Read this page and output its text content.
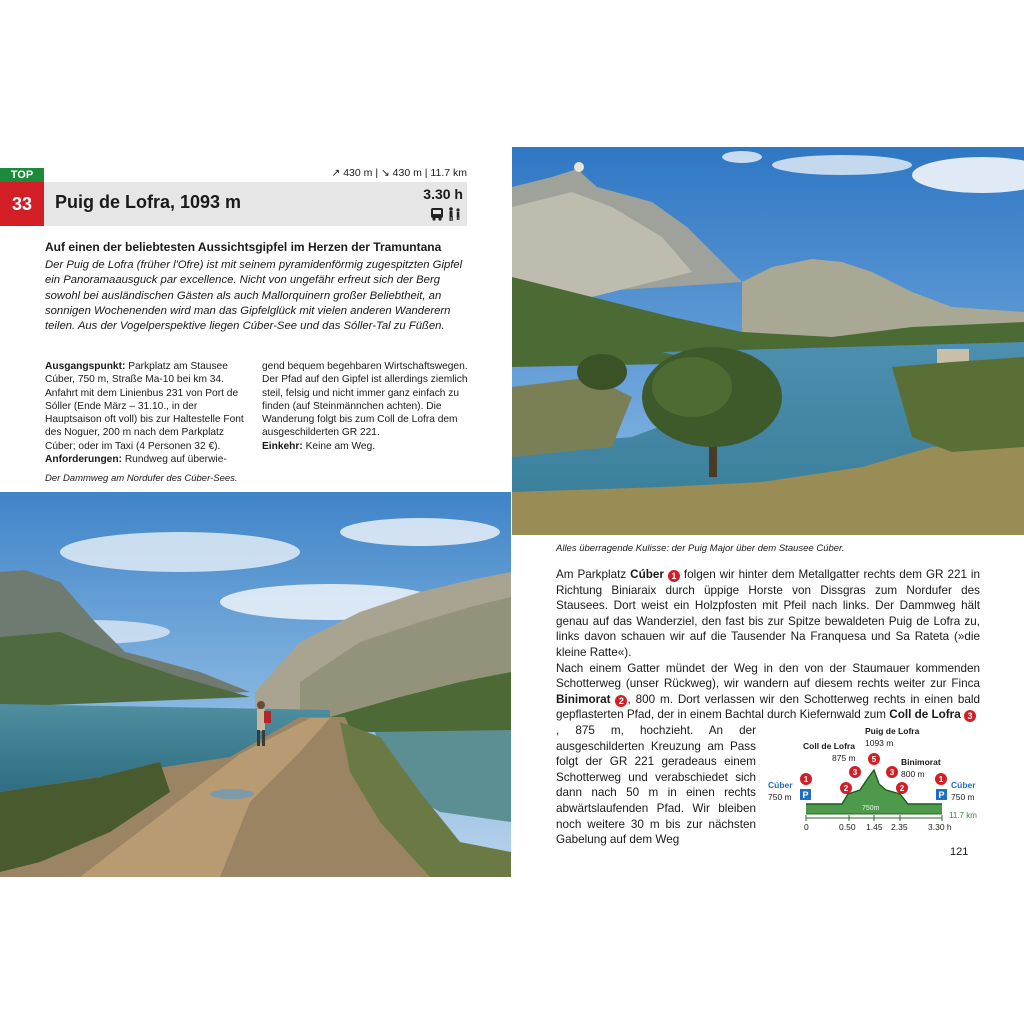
TOP
33	Puig de Lofra, 1093 m
↗ 430 m | ↘ 430 m | 11.7 km
3.30 h
Auf einen der beliebtesten Aussichtsgipfel im Herzen der Tramuntana
Der Puig de Lofra (früher l'Ofre) ist mit seinem pyramidenförmig zugespitzten Gipfel ein Panoramaausguck par excellence. Nicht von ungefähr erfreut sich der Berg sowohl bei ausländischen Gästen als auch Mallorquinern großer Beliebtheit, an sonnigen Wochenenden wird man das Gipfelglück mit vielen anderen Wanderern teilen. Aus der Vogelperspektive liegen Cúber-See und das Sóller-Tal zu Füßen.
Ausgangspunkt: Parkplatz am Stausee Cúber, 750 m, Straße Ma-10 bei km 34. Anfahrt mit dem Linienbus 231 von Port de Sóller (Ende März – 31.10., in der Hauptsaison oft voll) bis zur Haltestelle Font des Noguer, 200 m nach dem Parkplatz Cúber; oder im Taxi (4 Personen 32 €).
Anforderungen: Rundweg auf überwie-
gend bequem begehbaren Wirtschaftswegen. Der Pfad auf den Gipfel ist allerdings ziemlich steil, felsig und nicht immer ganz einfach zu finden (auf Steinmännchen achten). Die Wanderung folgt bis zum Coll de Lofra dem ausgeschilderten GR 221.
Einkehr: Keine am Weg.
Der Dammweg am Nordufer des Cúber-Sees.
Alles überragende Kulisse: der Puig Major über dem Stausee Cúber.

Am Parkplatz Cúber 1 folgen wir hinter dem Metallgatter rechts dem GR 221 in Richtung Biniaraix durch üppige Horste von Dissgras zum Nordufer des Stausees. Dort weist ein Holzpfosten mit Pfeil nach links. Der Dammweg hält genau auf das Wanderziel, den fast bis zur Spitze bewaldeten Puig de Lofra zu, links davon schauen wir auf die Tausender Na Franquesa und Sa Rateta (»die kleine Ratte«).

Nach einem Gatter mündet der Weg in den von der Staumauer kommenden Schotterweg (unser Rückweg), wir wandern auf diesem rechts weiter zur Finca Binimorat 2 , 800 m. Dort verlassen wir den Schotterweg rechts in einen bald gepflasterten Pfad, der in einem Bachtal durch Kiefernwald zum Coll de Lofra 3

, 875 m, hochzieht. An der ausgeschilderten Kreuzung am Pass folgt der GR 221 geradeaus einem Schotterweg und verabschiedet sich dann nach 50 m in einen rechts abwärtslaufenden Pfad. Wir bleiben noch weitere 30 m bis zur nächsten Gabelung auf dem Weg
P	P
1
2
3
5
3
2
1
Puig de Lofra
1093 m
Coll de Lofra
875 m	Binimorat
800 m
Cúber
750 m
Cúber
750 m
750m
11.7 km
0	0.50 1.45 2.35 3.30 h
121
